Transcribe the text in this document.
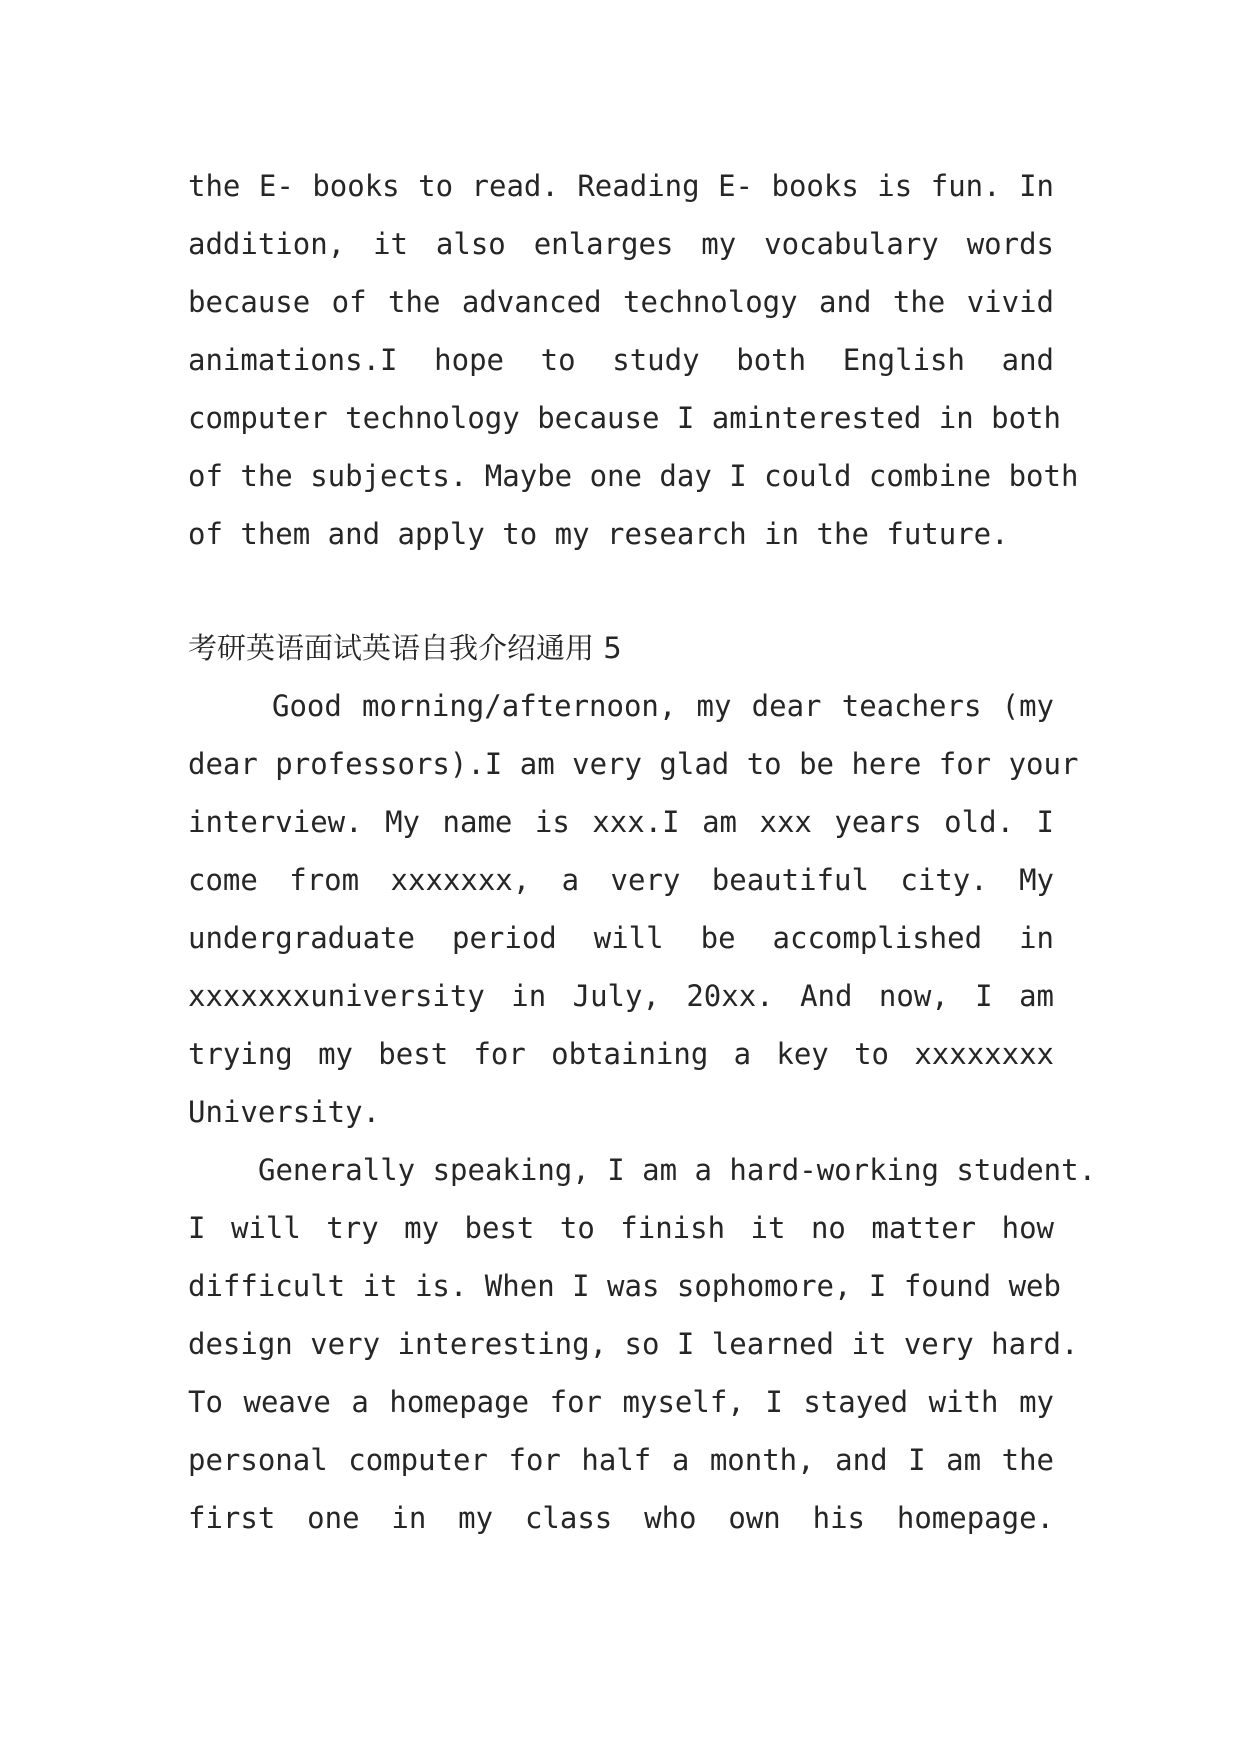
the E- books to read. Reading E- books is fun. In
addition, it also enlarges my vocabulary words
because of the advanced technology and the vivid
animations.I hope to study both English and
computer technology because I aminterested in both
of the subjects. Maybe one day I could combine both
of them and apply to my research in the future.
考研英语面试英语自我介绍通用 5
Good morning/afternoon, my dear teachers (my
dear professors).I am very glad to be here for your
interview. My name is xxx.I am xxx years old. I
come from xxxxxxx, a very beautiful city. My
undergraduate period will be accomplished in
xxxxxxxuniversity in July, 20xx. And now, I am
trying my best for obtaining a key to xxxxxxxx
University.
Generally speaking, I am a hard-working student.
I will try my best to finish it no matter how
difficult it is. When I was sophomore, I found web
design very interesting, so I learned it very hard.
To weave a homepage for myself, I stayed with my
personal computer for half a month, and I am the
first one in my class who own his homepage.
